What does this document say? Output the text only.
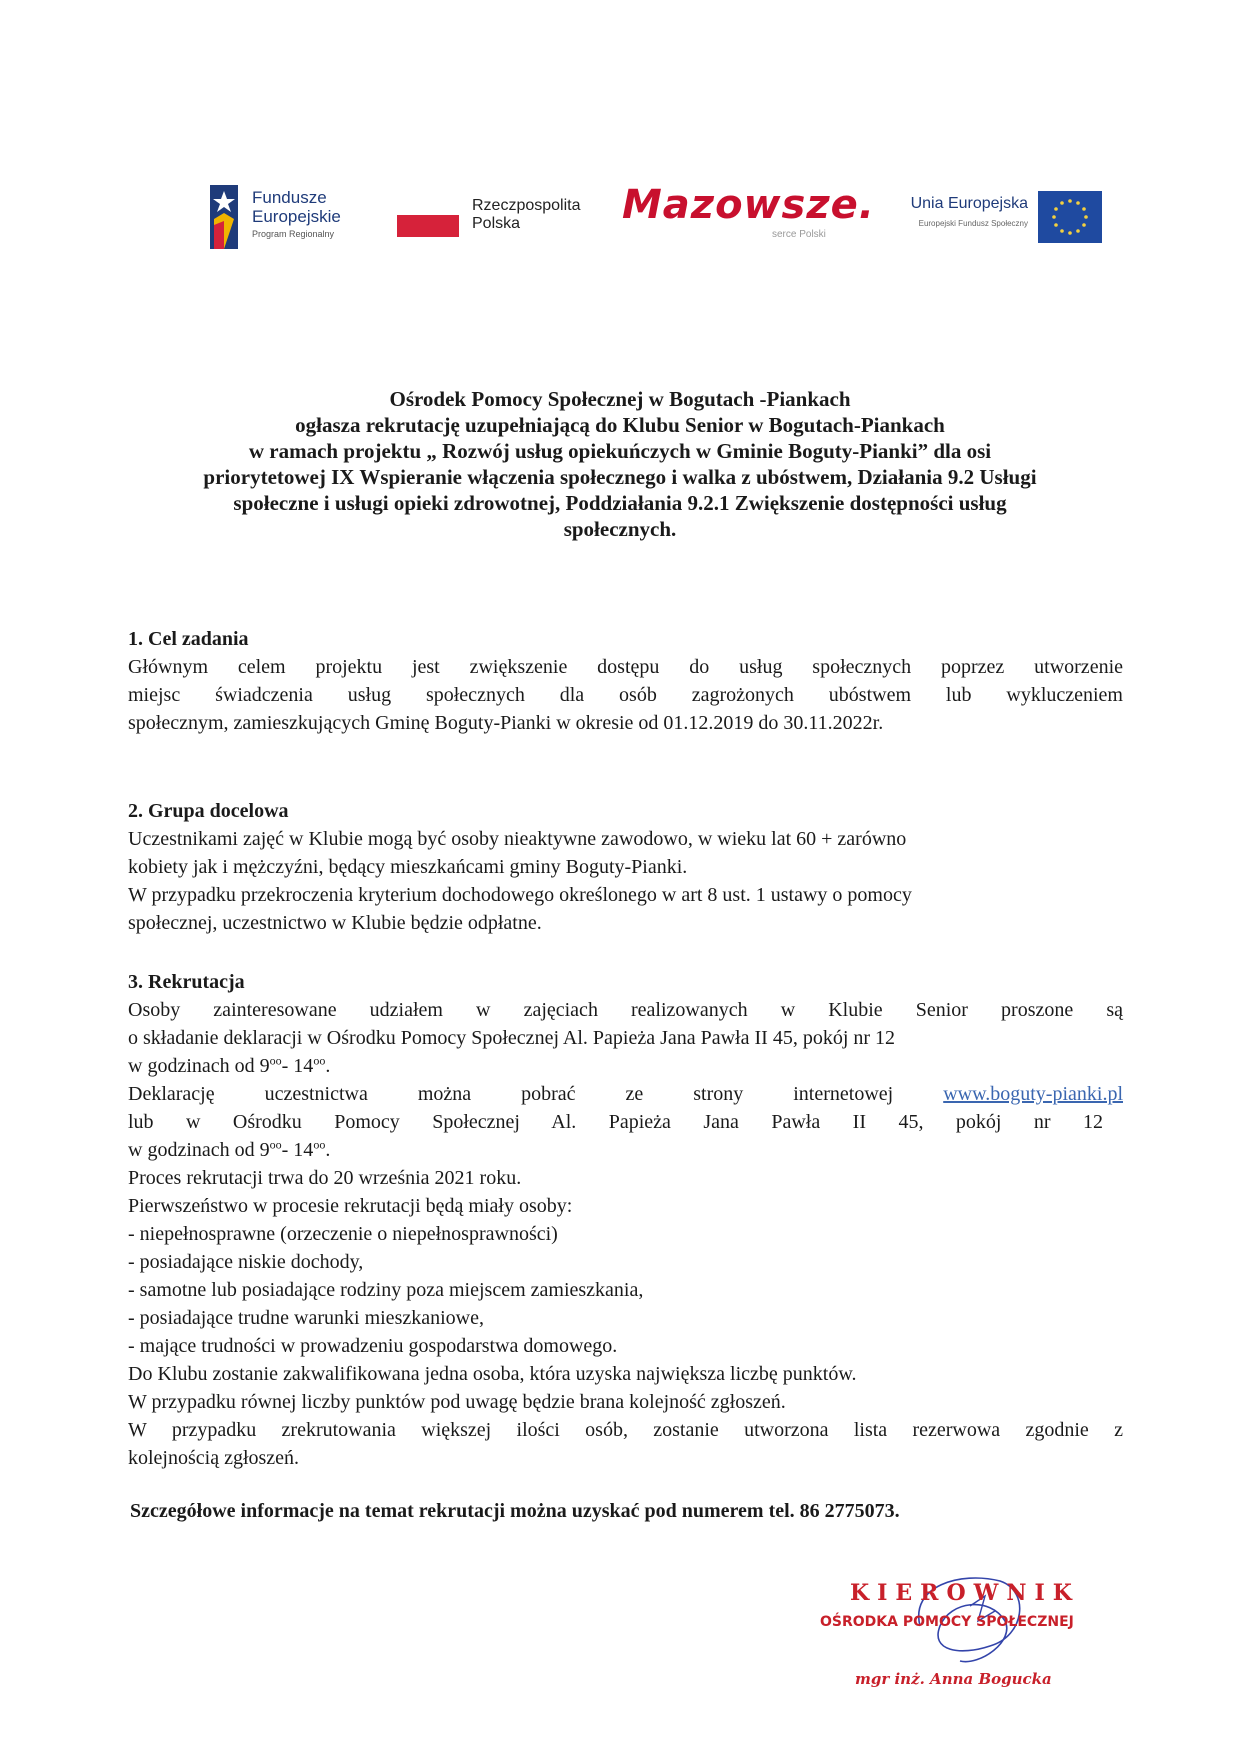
Fundusze
Europejskie
Program Regionalny
Rzeczpospolita
Polska	Mazowsze.
serce Polski
Unia Europejska
Europejski Fundusz Społeczny
Ośrodek Pomocy Społecznej w Bogutach -Piankach
ogłasza rekrutację uzupełniającą do Klubu Senior w Bogutach-Piankach
w ramach projektu „ Rozwój usług opiekuńczych w Gminie Boguty-Pianki” dla osi
priorytetowej IX Wspieranie włączenia społecznego i walka z ubóstwem, Działania 9.2 Usługi
społeczne i usługi opieki zdrowotnej, Poddziałania 9.2.1 Zwiększenie dostępności usług
społecznych.
1. Cel zadania
Głównym celem projektu jest zwiększenie dostępu do usług społecznych poprzez utworzenie
miejsc świadczenia usług społecznych dla osób zagrożonych ubóstwem lub wykluczeniem
społecznym, zamieszkujących Gminę Boguty-Pianki w okresie od 01.12.2019 do 30.11.2022r.
2. Grupa docelowa
Uczestnikami zajęć w Klubie mogą być osoby nieaktywne zawodowo, w wieku lat 60 + zarówno
kobiety jak i mężczyźni, będący mieszkańcami gminy Boguty-Pianki.
W przypadku przekroczenia kryterium dochodowego określonego w art 8 ust. 1 ustawy o pomocy
społecznej, uczestnictwo w Klubie będzie odpłatne.
3. Rekrutacja
Osoby zainteresowane udziałem w zajęciach realizowanych w Klubie Senior proszone są
o składanie deklaracji w Ośrodku Pomocy Społecznej Al. Papieża Jana Pawła II 45, pokój nr 12
w godzinach od $9^{oo}-$ $14^{oo}$.
Deklarację uczestnictwa można pobrać ze strony internetowej www.boguty-pianki.pl
lub w Ośrodku Pomocy Społecznej Al. Papieża Jana Pawła II 45, pokój nr 12
w godzinach od $9^{oo}-$ $14^{oo}$.
Proces rekrutacji trwa do 20 września 2021 roku.
Pierwszeństwo w procesie rekrutacji będą miały osoby:
- niepełnosprawne (orzeczenie o niepełnosprawności)
- posiadające niskie dochody,
- samotne lub posiadające rodziny poza miejscem zamieszkania,
- posiadające trudne warunki mieszkaniowe,
- mające trudności w prowadzeniu gospodarstwa domowego.
Do Klubu zostanie zakwalifikowana jedna osoba, która uzyska największa liczbę punktów.
W przypadku równej liczby punktów pod uwagę będzie brana kolejność zgłoszeń.
W przypadku zrekrutowania większej ilości osób, zostanie utworzona lista rezerwowa zgodnie z
kolejnością zgłoszeń.
Szczegółowe informacje na temat rekrutacji można uzyskać pod numerem tel. 86 2775073.
KIEROWNIK
OŚRODKA POMOCY SPOŁECZNEJ
mgr inż. Anna Bogucka
